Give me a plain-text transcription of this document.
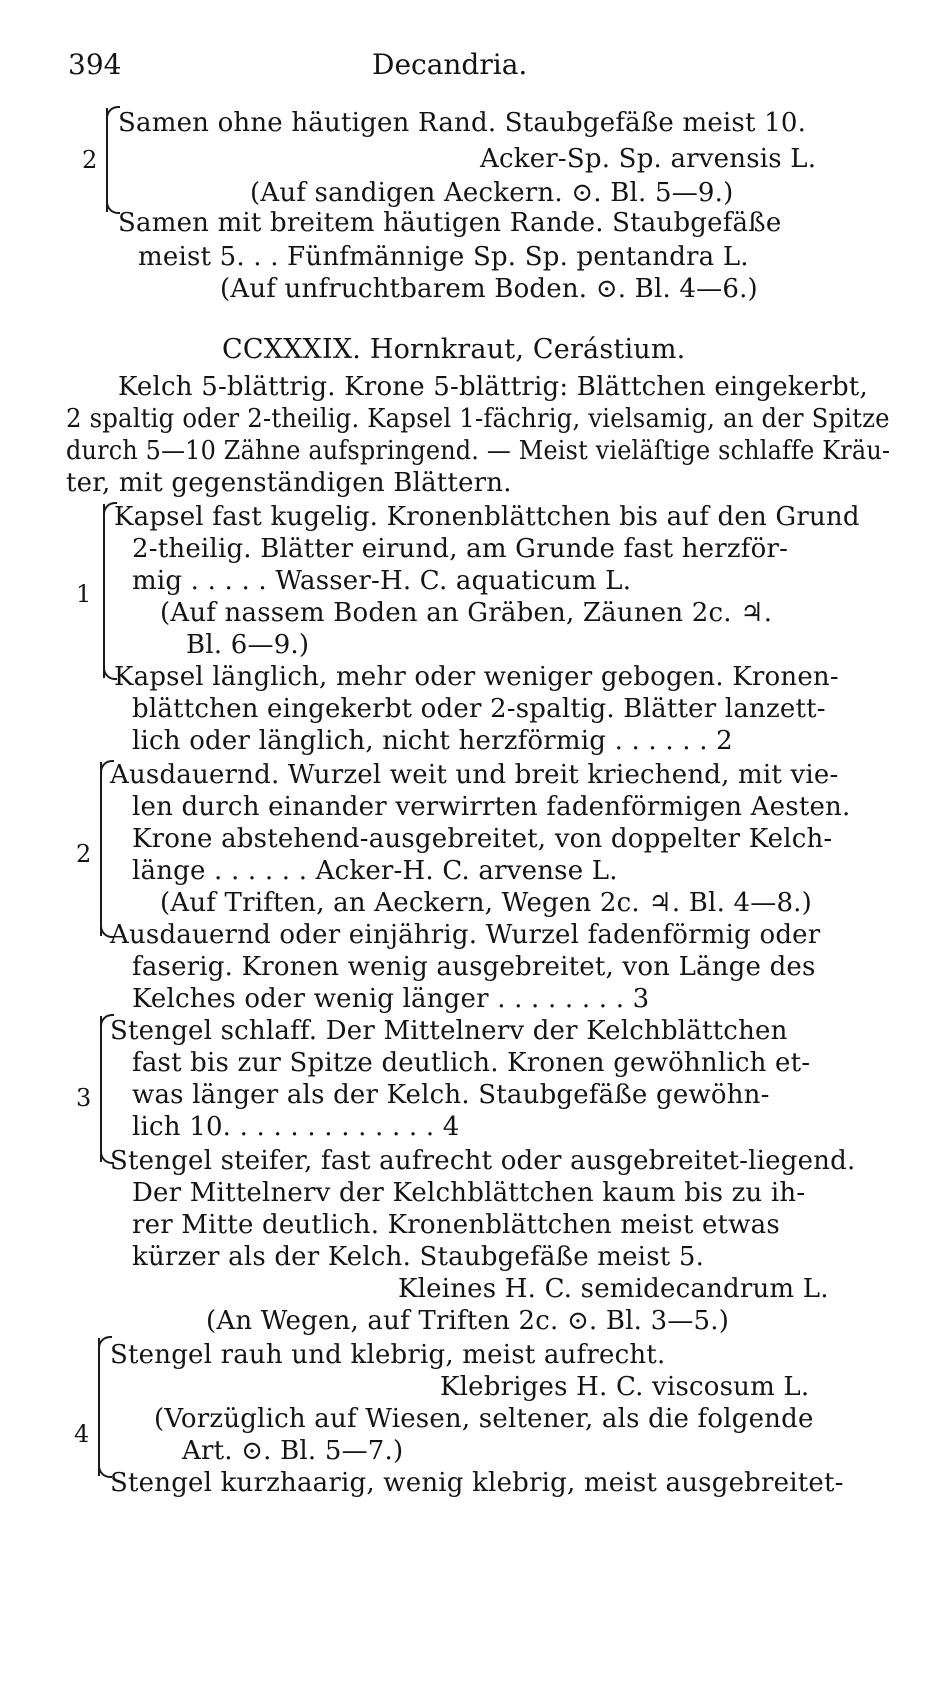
394	Decandria.
2
1
2
3
4
Samen ohne häutigen Rand. Staubgefäße meist 10.
Acker-Sp. Sp. arvensis L.
(Auf sandigen Aeckern. ⊙. Bl. 5—9.)
Samen mit breitem häutigen Rande. Staubgefäße
meist 5. . . Fünfmännige Sp. Sp. pentandra L.
(Auf unfruchtbarem Boden. ⊙. Bl. 4—6.)
CCXXXIX. Hornkraut, Cerástium.
Kelch 5-blättrig. Krone 5-blättrig: Blättchen eingekerbt,
2 spaltig oder 2-theilig. Kapsel 1-fächrig, vielsamig, an der Spitze
durch 5—10 Zähne aufspringend. — Meist vieläſtige schlaffe Kräu-
ter, mit gegenständigen Blättern.
Kapsel fast kugelig. Kronenblättchen bis auf den Grund
2-theilig. Blätter eirund, am Grunde fast herzför-
mig . . . . . Wasser-H. C. aquaticum L.
(Auf nassem Boden an Gräben, Zäunen 2c. ♃.
Bl. 6—9.)
Kapsel länglich, mehr oder weniger gebogen. Kronen-
blättchen eingekerbt oder 2-spaltig. Blätter lanzett-
lich oder länglich, nicht herzförmig . . . . . . 2
Ausdauernd. Wurzel weit und breit kriechend, mit vie-
len durch einander verwirrten fadenförmigen Aesten.
Krone abstehend-ausgebreitet, von doppelter Kelch-
länge . . . . . . Acker-H. C. arvense L.
(Auf Triften, an Aeckern, Wegen 2c. ♃. Bl. 4—8.)
Ausdauernd oder einjährig. Wurzel fadenförmig oder
faserig. Kronen wenig ausgebreitet, von Länge des
Kelches oder wenig länger . . . . . . . . 3
Stengel schlaff. Der Mittelnerv der Kelchblättchen
fast bis zur Spitze deutlich. Kronen gewöhnlich et-
was länger als der Kelch. Staubgefäße gewöhn-
lich 10. . . . . . . . . . . . . 4
Stengel steifer, fast aufrecht oder ausgebreitet-liegend.
Der Mittelnerv der Kelchblättchen kaum bis zu ih-
rer Mitte deutlich. Kronenblättchen meist etwas
kürzer als der Kelch. Staubgefäße meist 5.
Kleines H. C. semidecandrum L.
(An Wegen, auf Triften 2c. ⊙. Bl. 3—5.)
Stengel rauh und klebrig, meist aufrecht.
Klebriges H. C. viscosum L.
(Vorzüglich auf Wiesen, seltener, als die folgende
Art. ⊙. Bl. 5—7.)
Stengel kurzhaarig, wenig klebrig, meist ausgebreitet-
